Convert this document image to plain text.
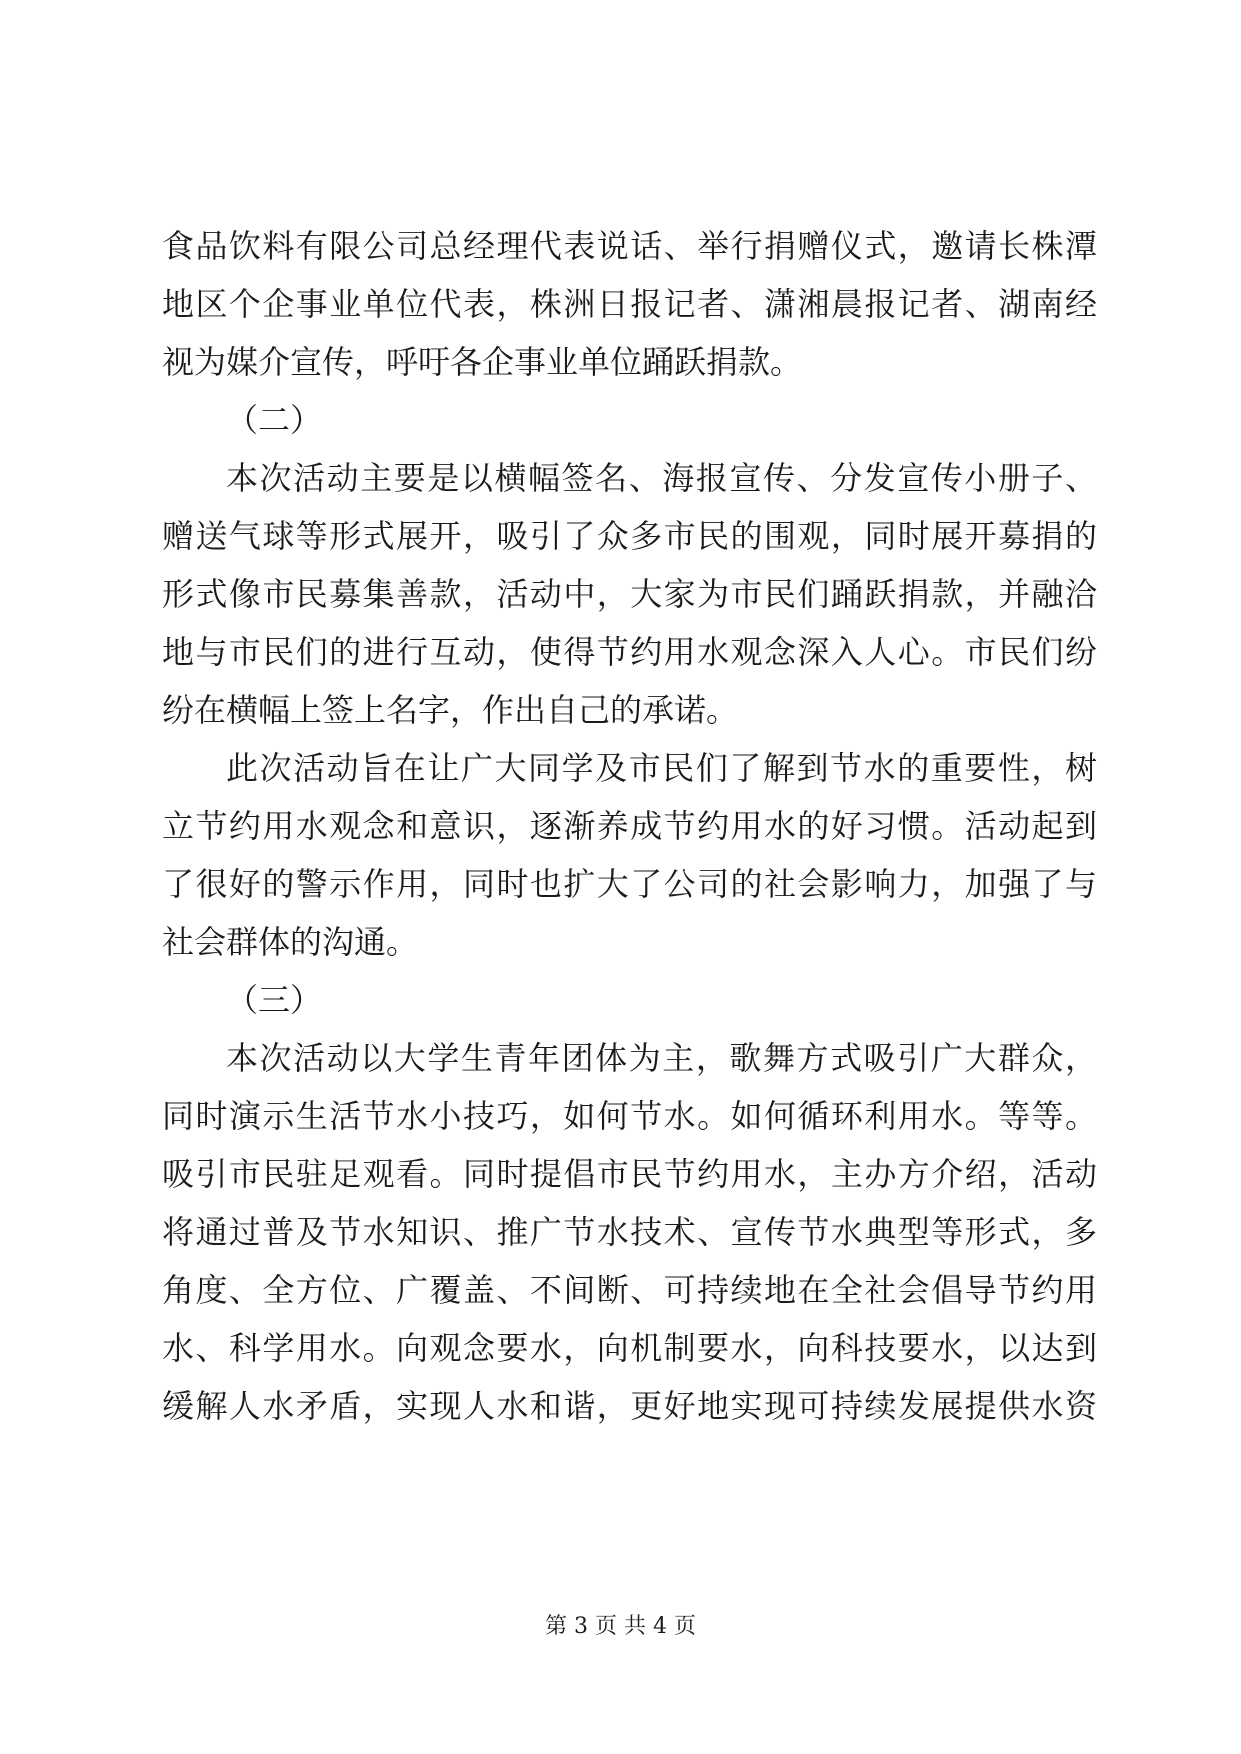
食品饮料有限公司总经理代表说话、举行捐赠仪式，邀请长株潭
地区个企事业单位代表，株洲日报记者、潇湘晨报记者、湖南经
视为媒介宣传，呼吁各企事业单位踊跃捐款。
（二）
本次活动主要是以横幅签名、海报宣传、分发宣传小册子、
赠送气球等形式展开，吸引了众多市民的围观，同时展开募捐的
形式像市民募集善款，活动中，大家为市民们踊跃捐款，并融洽
地与市民们的进行互动，使得节约用水观念深入人心。市民们纷
纷在横幅上签上名字，作出自己的承诺。
此次活动旨在让广大同学及市民们了解到节水的重要性，树
立节约用水观念和意识，逐渐养成节约用水的好习惯。活动起到
了很好的警示作用，同时也扩大了公司的社会影响力，加强了与
社会群体的沟通。
（三）
本次活动以大学生青年团体为主，歌舞方式吸引广大群众，
同时演示生活节水小技巧，如何节水。如何循环利用水。等等。
吸引市民驻足观看。同时提倡市民节约用水，主办方介绍，活动
将通过普及节水知识、推广节水技术、宣传节水典型等形式，多
角度、全方位、广覆盖、不间断、可持续地在全社会倡导节约用
水、科学用水。向观念要水，向机制要水，向科技要水，以达到
缓解人水矛盾，实现人水和谐，更好地实现可持续发展提供水资
第 3 页 共 4 页
